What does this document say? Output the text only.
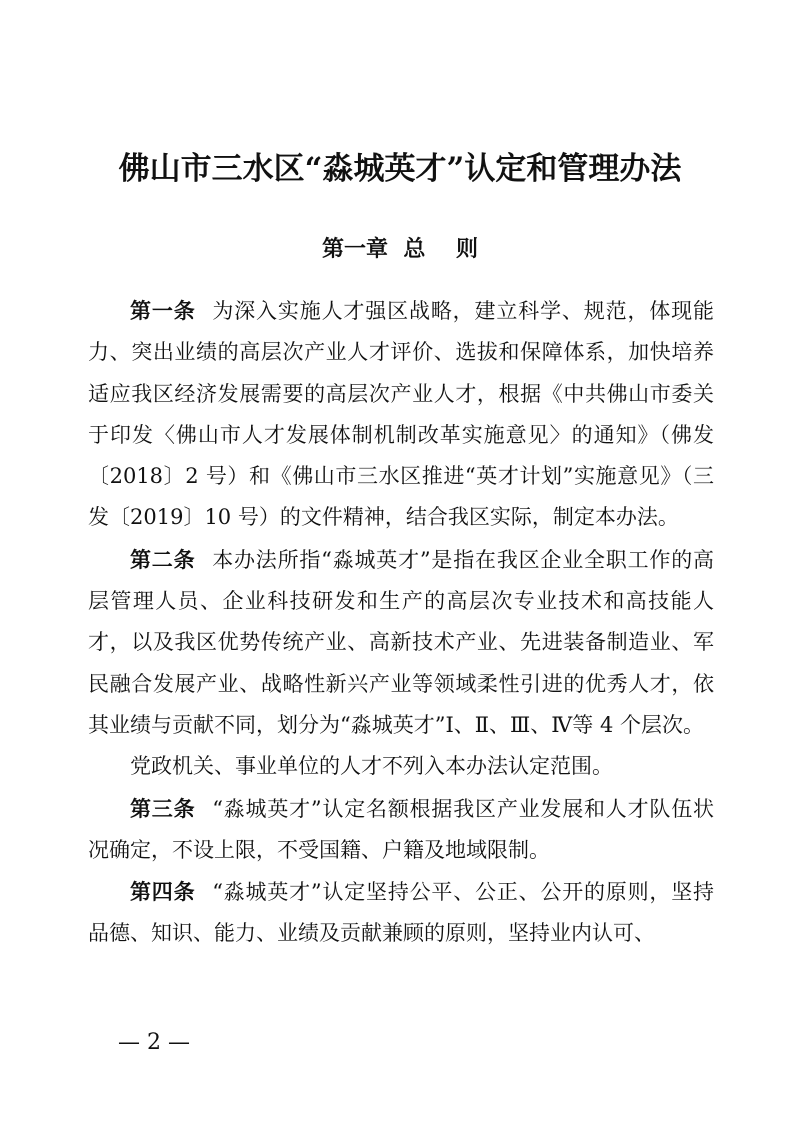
佛山市三水区“淼城英才”认定和管理办法
第一章  总    则

第一条 为深入实施人才强区战略，建立科学、规范，体现能力、突出业绩的高层次产业人才评价、选拔和保障体系，加快培养适应我区经济发展需要的高层次产业人才，根据《中共佛山市委关于印发〈佛山市人才发展体制机制改革实施意见〉的通知》（佛发〔2018〕2 号）和《佛山市三水区推进“英才计划”实施意见》（三发〔2019〕10 号）的文件精神，结合我区实际，制定本办法。

第二条 本办法所指“淼城英才”是指在我区企业全职工作的高层管理人员、企业科技研发和生产的高层次专业技术和高技能人才，以及我区优势传统产业、高新技术产业、先进装备制造业、军民融合发展产业、战略性新兴产业等领域柔性引进的优秀人才，依其业绩与贡献不同，划分为“淼城英才”Ⅰ、Ⅱ、Ⅲ、Ⅳ等 4 个层次。

党政机关、事业单位的人才不列入本办法认定范围。

第三条 “淼城英才”认定名额根据我区产业发展和人才队伍状况确定，不设上限，不受国籍、户籍及地域限制。

第四条 “淼城英才”认定坚持公平、公正、公开的原则，坚持品德、知识、能力、业绩及贡献兼顾的原则，坚持业内认可、

— 2 —
